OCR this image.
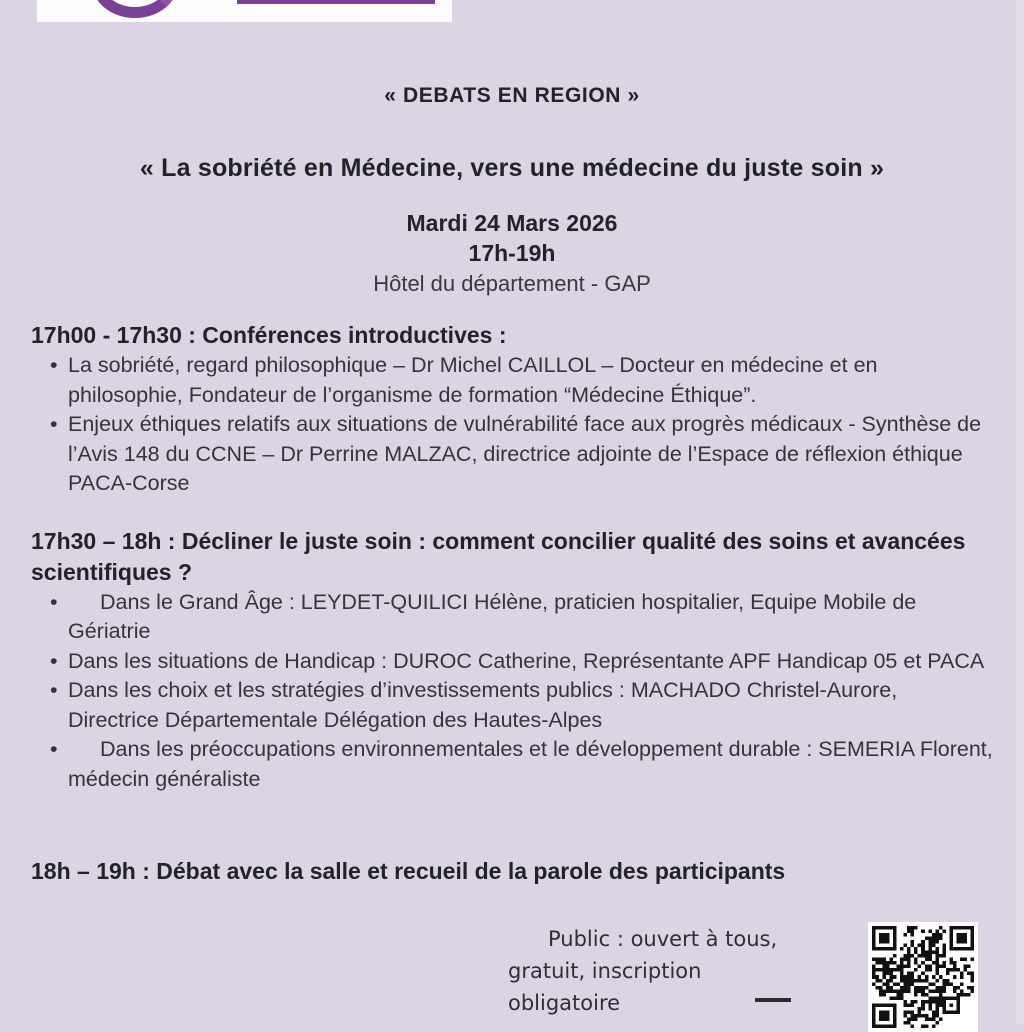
« DEBATS EN REGION »
« La sobriété en Médecine, vers une médecine du juste soin »
Mardi 24 Mars 2026
17h-19h
Hôtel du département - GAP
17h00 - 17h30 : Conférences introductives :
• La sobriété, regard philosophique – Dr Michel CAILLOL – Docteur en médecine et en philosophie, Fondateur de l’organisme de formation “Médecine Éthique”.
• Enjeux éthiques relatifs aux situations de vulnérabilité face aux progrès médicaux - Synthèse de l’Avis 148 du CCNE – Dr Perrine MALZAC, directrice adjointe de l’Espace de réflexion éthique PACA-Corse
17h30 – 18h : Décliner le juste soin : comment concilier qualité des soins et avancées scientifiques ?
• Dans le Grand Âge : LEYDET-QUILICI Hélène, praticien hospitalier, Equipe Mobile de Gériatrie
• Dans les situations de Handicap : DUROC Catherine, Représentante APF Handicap 05 et PACA
• Dans les choix et les stratégies d’investissements publics : MACHADO Christel-Aurore, Directrice Départementale Délégation des Hautes-Alpes
• Dans les préoccupations environnementales et le développement durable : SEMERIA Florent, médecin généraliste
18h – 19h : Débat avec la salle et recueil de la parole des participants
Public : ouvert à tous,
gratuit, inscription
obligatoire
